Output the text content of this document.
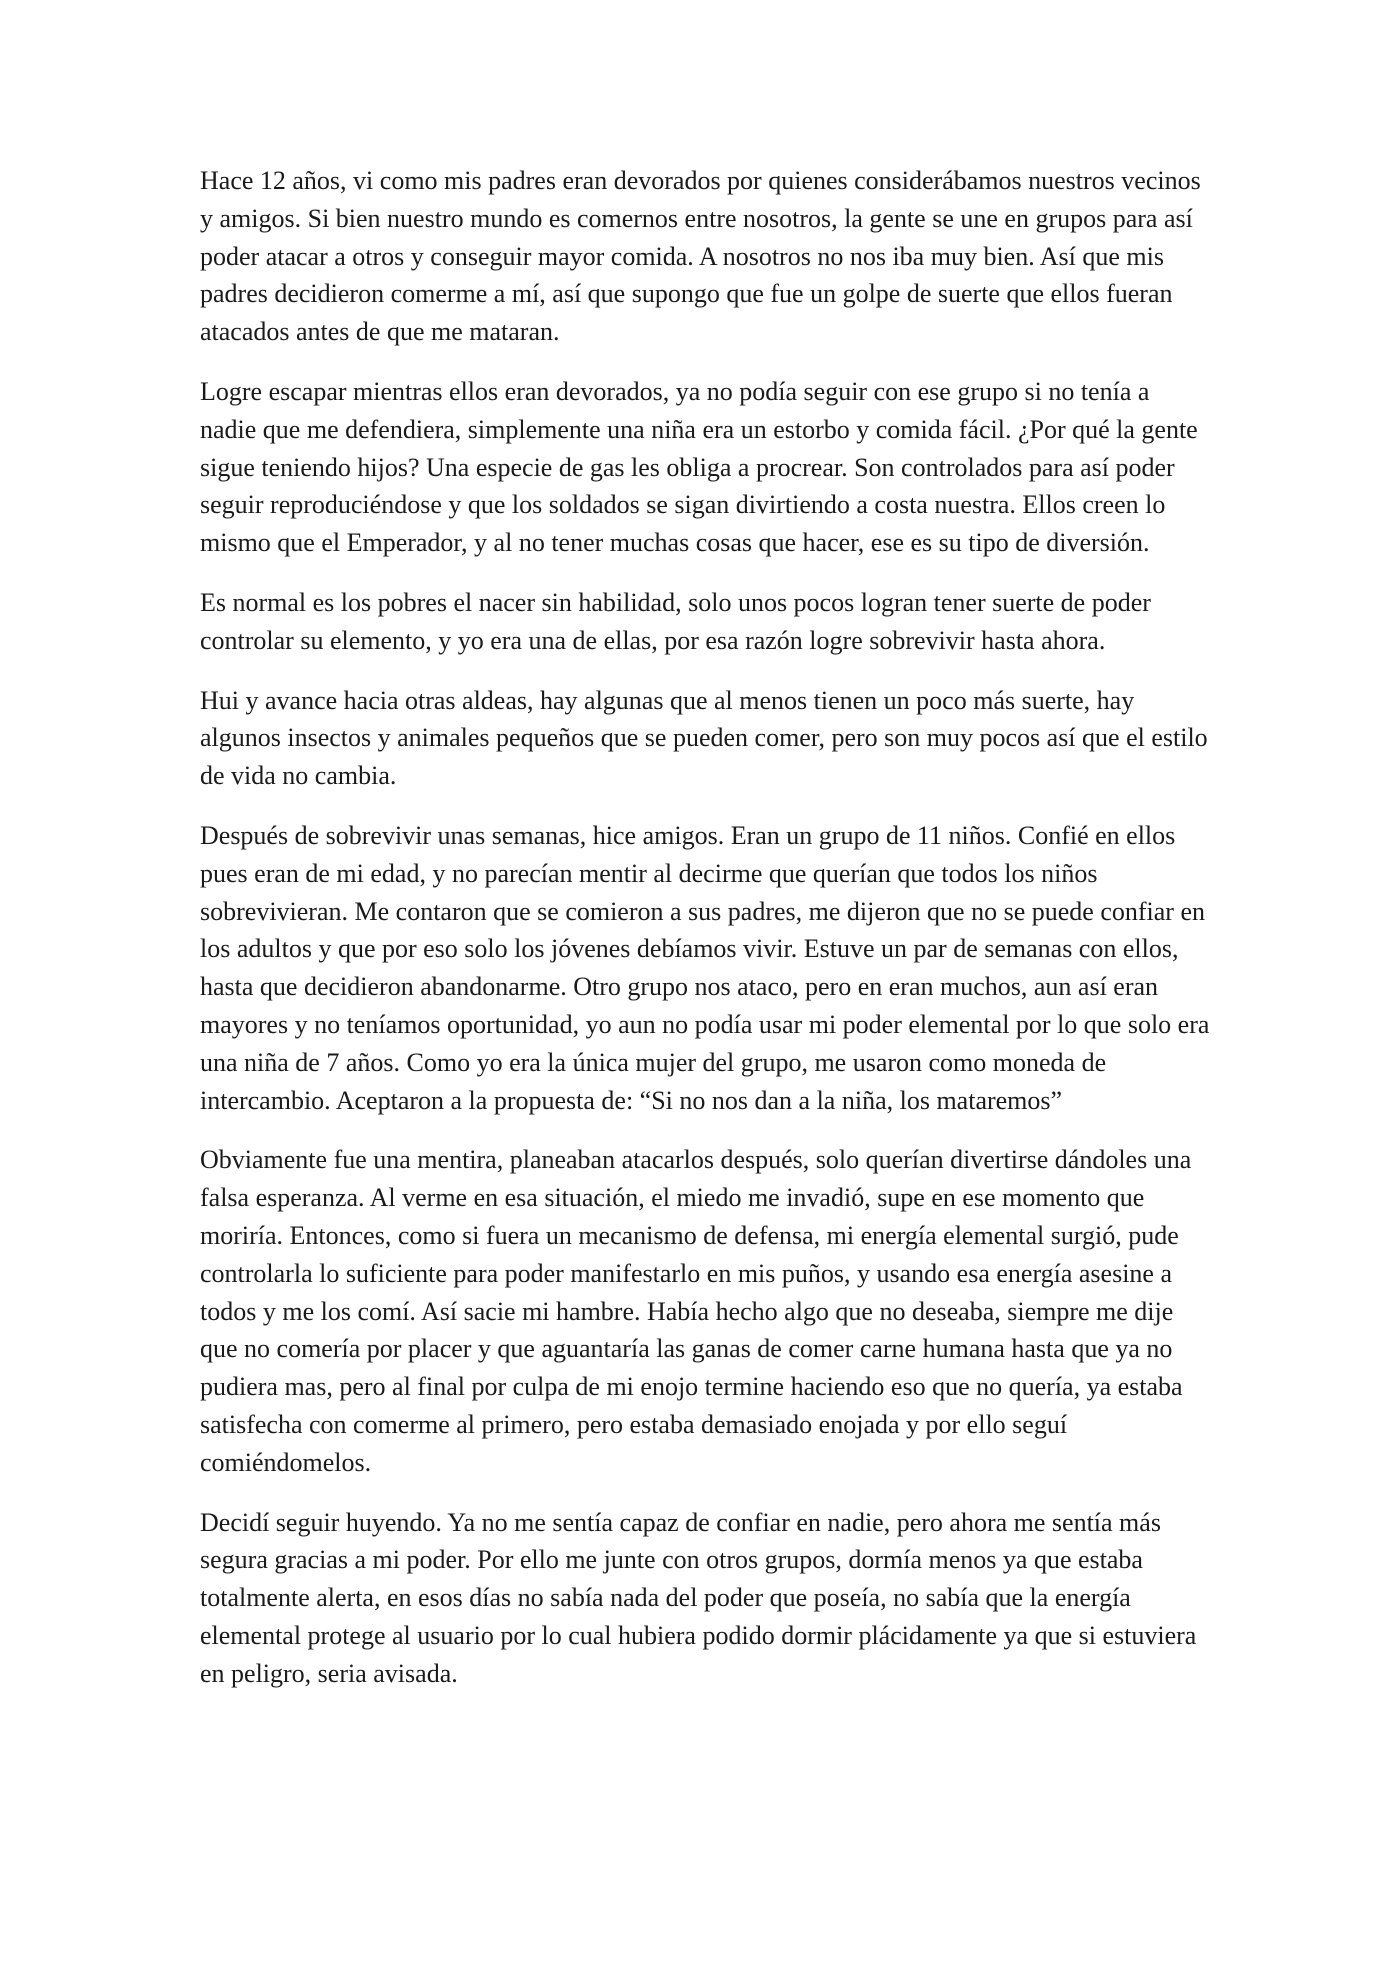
Hace 12 años, vi como mis padres eran devorados por quienes considerábamos nuestros vecinos y amigos. Si bien nuestro mundo es comernos entre nosotros, la gente se une en grupos para así poder atacar a otros y conseguir mayor comida. A nosotros no nos iba muy bien. Así que mis padres decidieron comerme a mí, así que supongo que fue un golpe de suerte que ellos fueran atacados antes de que me mataran.

Logre escapar mientras ellos eran devorados, ya no podía seguir con ese grupo si no tenía a nadie que me defendiera, simplemente una niña era un estorbo y comida fácil. ¿Por qué la gente sigue teniendo hijos? Una especie de gas les obliga a procrear. Son controlados para así poder seguir reproduciéndose y que los soldados se sigan divirtiendo a costa nuestra. Ellos creen lo mismo que el Emperador, y al no tener muchas cosas que hacer, ese es su tipo de diversión.

Es normal es los pobres el nacer sin habilidad, solo unos pocos logran tener suerte de poder controlar su elemento, y yo era una de ellas, por esa razón logre sobrevivir hasta ahora.

Hui y avance hacia otras aldeas, hay algunas que al menos tienen un poco más suerte, hay algunos insectos y animales pequeños que se pueden comer, pero son muy pocos así que el estilo de vida no cambia.

Después de sobrevivir unas semanas, hice amigos. Eran un grupo de 11 niños. Confié en ellos pues eran de mi edad, y no parecían mentir al decirme que querían que todos los niños sobrevivieran. Me contaron que se comieron a sus padres, me dijeron que no se puede confiar en los adultos y que por eso solo los jóvenes debíamos vivir. Estuve un par de semanas con ellos, hasta que decidieron abandonarme. Otro grupo nos ataco, pero en eran muchos, aun así eran mayores y no teníamos oportunidad, yo aun no podía usar mi poder elemental por lo que solo era una niña de 7 años. Como yo era la única mujer del grupo, me usaron como moneda de intercambio. Aceptaron a la propuesta de: “Si no nos dan a la niña, los mataremos”

Obviamente fue una mentira, planeaban atacarlos después, solo querían divertirse dándoles una falsa esperanza. Al verme en esa situación, el miedo me invadió, supe en ese momento que moriría. Entonces, como si fuera un mecanismo de defensa, mi energía elemental surgió, pude controlarla lo suficiente para poder manifestarlo en mis puños, y usando esa energía asesine a todos y me los comí. Así sacie mi hambre. Había hecho algo que no deseaba, siempre me dije que no comería por placer y que aguantaría las ganas de comer carne humana hasta que ya no pudiera mas, pero al final por culpa de mi enojo termine haciendo eso que no quería, ya estaba satisfecha con comerme al primero, pero estaba demasiado enojada y por ello seguí comiéndomelos.

Decidí seguir huyendo. Ya no me sentía capaz de confiar en nadie, pero ahora me sentía más segura gracias a mi poder. Por ello me junte con otros grupos, dormía menos ya que estaba totalmente alerta, en esos días no sabía nada del poder que poseía, no sabía que la energía elemental protege al usuario por lo cual hubiera podido dormir plácidamente ya que si estuviera en peligro, seria avisada.
